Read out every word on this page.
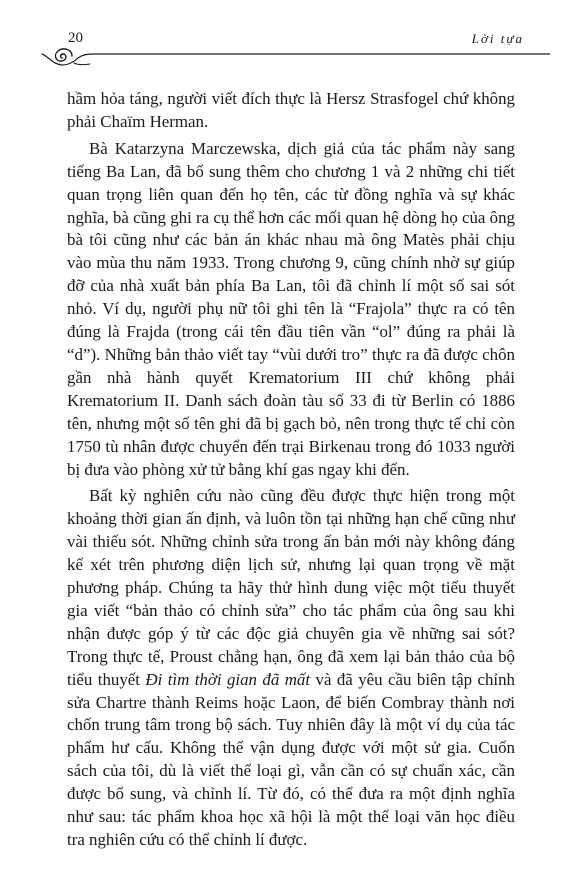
20	Lời tựa

hầm hỏa táng, người viết đích thực là Hersz Strasfogel chứ không phải Chaïm Herman.

Bà Katarzyna Marczewska, dịch giả của tác phẩm này sang tiếng Ba Lan, đã bổ sung thêm cho chương 1 và 2 những chi tiết quan trọng liên quan đến họ tên, các từ đồng nghĩa và sự khác nghĩa, bà cũng ghi ra cụ thể hơn các mối quan hệ dòng họ của ông bà tôi cũng như các bản án khác nhau mà ông Matès phải chịu vào mùa thu năm 1933. Trong chương 9, cũng chính nhờ sự giúp đỡ của nhà xuất bản phía Ba Lan, tôi đã chỉnh lí một số sai sót nhỏ. Ví dụ, người phụ nữ tôi ghi tên là “Frajola” thực ra có tên đúng là Frajda (trong cái tên đầu tiên vần “ol” đúng ra phải là “d”). Những bản thảo viết tay “vùi dưới tro” thực ra đã được chôn gần nhà hành quyết Krematorium III chứ không phải Krematorium II. Danh sách đoàn tàu số 33 đi từ Berlin có 1886 tên, nhưng một số tên ghi đã bị gạch bỏ, nên trong thực tế chỉ còn 1750 tù nhân được chuyển đến trại Birkenau trong đó 1033 người bị đưa vào phòng xử tử bằng khí gas ngay khi đến.

Bất kỳ nghiên cứu nào cũng đều được thực hiện trong một khoảng thời gian ấn định, và luôn tồn tại những hạn chế cũng như vài thiếu sót. Những chỉnh sửa trong ấn bản mới này không đáng kể xét trên phương diện lịch sử, nhưng lại quan trọng về mặt phương pháp. Chúng ta hãy thử hình dung việc một tiểu thuyết gia viết “bản thảo có chỉnh sửa” cho tác phẩm của ông sau khi nhận được góp ý từ các độc giả chuyên gia về những sai sót? Trong thực tế, Proust chẳng hạn, ông đã xem lại bản thảo của bộ tiểu thuyết Đi tìm thời gian đã mất và đã yêu cầu biên tập chỉnh sửa Chartre thành Reims hoặc Laon, để biến Combray thành nơi chốn trung tâm trong bộ sách. Tuy nhiên đây là một ví dụ của tác phẩm hư cấu. Không thể vận dụng được với một sử gia. Cuốn sách của tôi, dù là viết thể loại gì, vẫn cần có sự chuẩn xác, cần được bổ sung, và chỉnh lí. Từ đó, có thể đưa ra một định nghĩa như sau: tác phẩm khoa học xã hội là một thể loại văn học điều tra nghiên cứu có thể chỉnh lí được.
